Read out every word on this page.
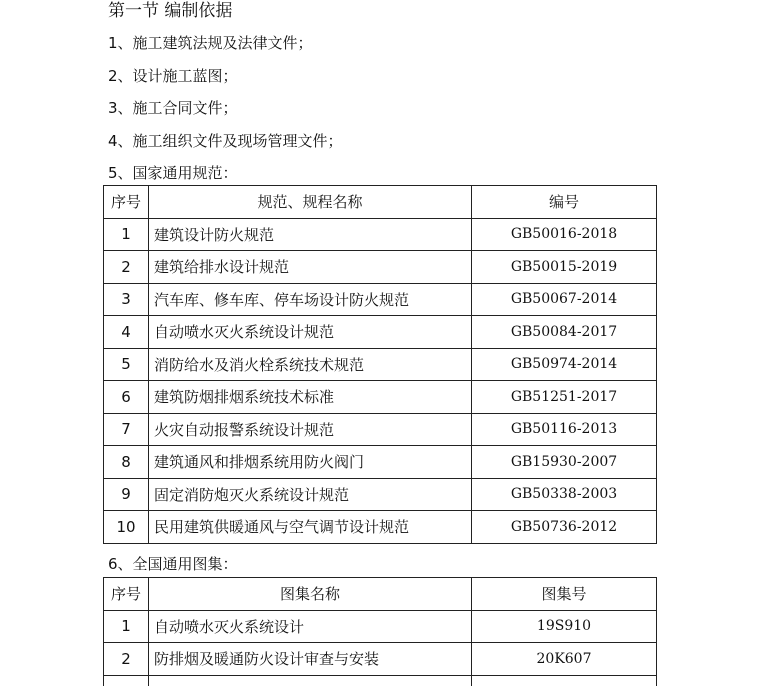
第一节 编制依据
1、施工建筑法规及法律文件；
2、设计施工蓝图；
3、施工合同文件；
4、施工组织文件及现场管理文件；
5、国家通用规范：
序号	规范、规程名称	编号
1	建筑设计防火规范	GB50016-2018
2	建筑给排水设计规范	GB50015-2019
3	汽车库、修车库、停车场设计防火规范	GB50067-2014
4	自动喷水灭火系统设计规范	GB50084-2017
5	消防给水及消火栓系统技术规范	GB50974-2014
6	建筑防烟排烟系统技术标准	GB51251-2017
7	火灾自动报警系统设计规范	GB50116-2013
8	建筑通风和排烟系统用防火阀门	GB15930-2007
9	固定消防炮灭火系统设计规范	GB50338-2003
10	民用建筑供暖通风与空气调节设计规范	GB50736-2012
6、全国通用图集：
序号	图集名称	图集号
1	自动喷水灭火系统设计	19S910
2	防排烟及暖通防火设计审查与安装	20K607
